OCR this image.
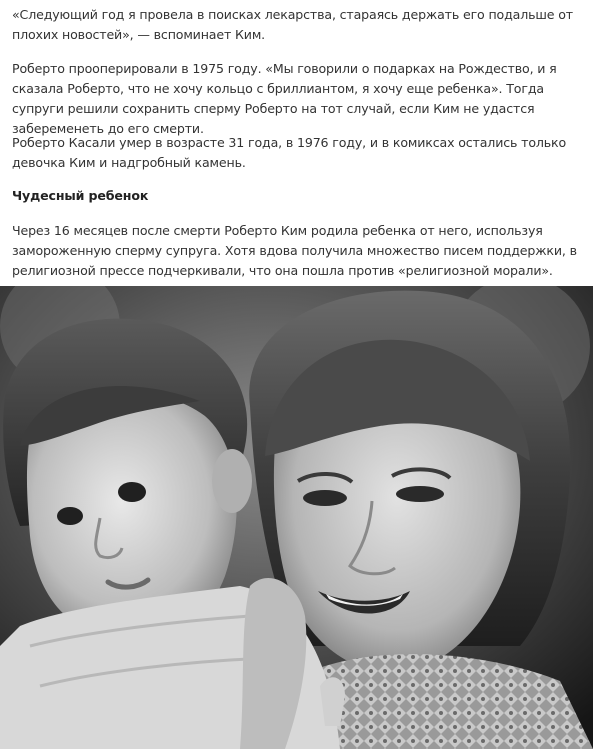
«Следующий год я провела в поисках лекарства, стараясь держать его подальше от плохих новостей», — вспоминает Ким.

Роберто прооперировали в 1975 году. «Мы говорили о подарках на Рождество, и я сказала Роберто, что не хочу кольцо с бриллиантом, я хочу еще ребенка». Тогда супруги решили сохранить сперму Роберто на тот случай, если Ким не удастся забеременеть до его смерти.

Роберто Касали умер в возрасте 31 года, в 1976 году, и в комиксах остались только девочка Ким и надгробный камень.

Чудесный ребенок

Через 16 месяцев после смерти Роберто Ким родила ребенка от него, используя замороженную сперму супруга. Хотя вдова получила множество писем поддержки, в религиозной прессе подчеркивали, что она пошла против «религиозной морали».
